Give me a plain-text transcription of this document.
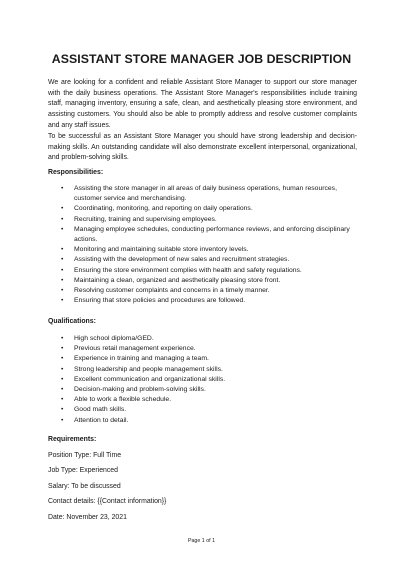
ASSISTANT STORE MANAGER JOB DESCRIPTION

We are looking for a confident and reliable Assistant Store Manager to support our store manager with the daily business operations. The Assistant Store Manager's responsibilities include training staff, managing inventory, ensuring a safe, clean, and aesthetically pleasing store environment, and assisting customers. You should also be able to promptly address and resolve customer complaints and any staff issues.

To be successful as an Assistant Store Manager you should have strong leadership and decision-making skills. An outstanding candidate will also demonstrate excellent interpersonal, organizational, and problem-solving skills.

Responsibilities:
• Assisting the store manager in all areas of daily business operations, human resources, customer service and merchandising.
• Coordinating, monitoring, and reporting on daily operations.
• Recruiting, training and supervising employees.
• Managing employee schedules, conducting performance reviews, and enforcing disciplinary actions.
• Monitoring and maintaining suitable store inventory levels.
• Assisting with the development of new sales and recruitment strategies.
• Ensuring the store environment complies with health and safety regulations.
• Maintaining a clean, organized and aesthetically pleasing store front.
• Resolving customer complaints and concerns in a timely manner.
• Ensuring that store policies and procedures are followed.
Qualifications:
• High school diploma/GED.
• Previous retail management experience.
• Experience in training and managing a team.
• Strong leadership and people management skills.
• Excellent communication and organizational skills.
• Decision-making and problem-solving skills.
• Able to work a flexible schedule.
• Good math skills.
• Attention to detail.
Requirements:
Position Type: Full Time
Job Type: Experienced
Salary: To be discussed
Contact details: {{Contact information}}
Date: November 23, 2021
Page 1 of 1
